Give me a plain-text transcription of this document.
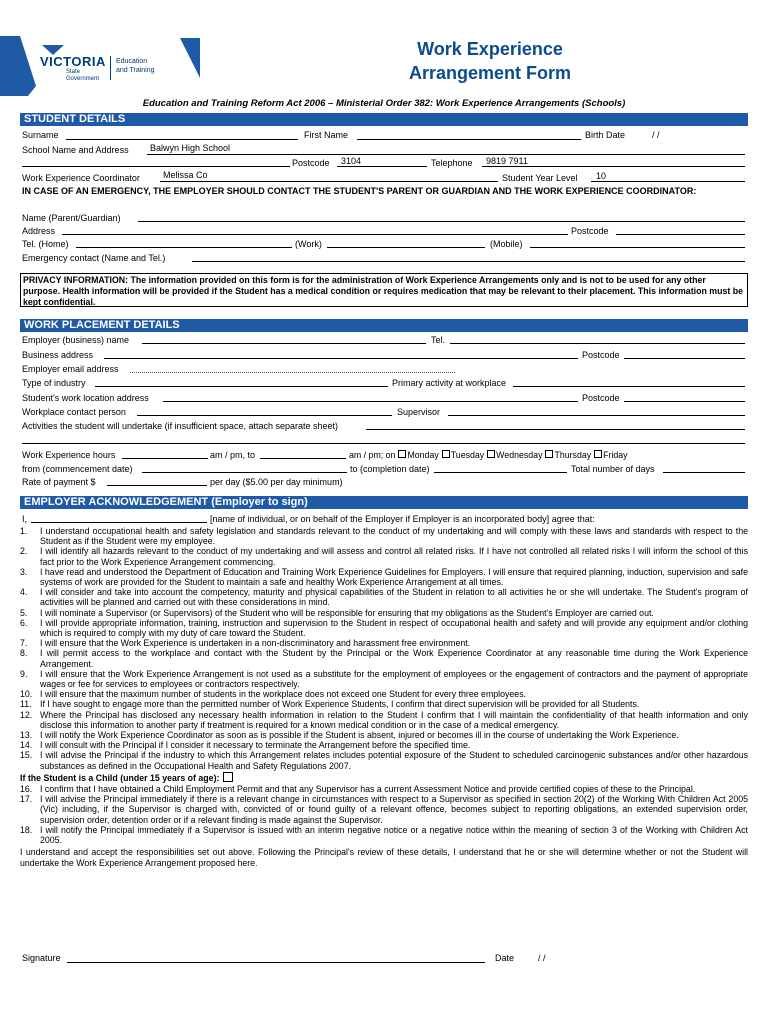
VICTORIA
State
Government
Education
and Training
Work Experience
Arrangement Form
Education and Training Reform Act 2006 – Ministerial Order 382: Work Experience Arrangements (Schools)
STUDENT DETAILS
Surname	First Name	Birth Date	/ /
School Name and Address Balwyn High School
Postcode 3104	Telephone 9819 7911
Work Experience Coordinator	Melissa Co	Student Year Level 10
IN CASE OF AN EMERGENCY, THE EMPLOYER SHOULD CONTACT THE STUDENT'S PARENT OR GUARDIAN AND THE WORK EXPERIENCE COORDINATOR:
Name (Parent/Guardian)
Address	Postcode
Tel. (Home)	(Work)	(Mobile)
Emergency contact (Name and Tel.)
PRIVACY INFORMATION: The information provided on this form is for the administration of Work Experience Arrangements only and is not to be used for any other purpose. Health information will be provided if the Student has a medical condition or requires medication that may be relevant to their placement. This information must be kept confidential.
WORK PLACEMENT DETAILS
Employer (business) name	Tel.
Business address	Postcode
Employer email address
Type of industry	Primary activity at workplace
Student's work location address	Postcode
Workplace contact person	Supervisor
Activities the student will undertake (if insufficient space, attach separate sheet)
Work Experience hours	am / pm, to	am / pm; on Monday Tuesday Wednesday Thursday Friday
from (commencement date)	to (completion date)	Total number of days
Rate of payment $	per day ($5.00 per day minimum)
EMPLOYER ACKNOWLEDGEMENT (Employer to sign)
I,	[name of individual, or on behalf of the Employer if Employer is an incorporated body] agree that:
1. I understand occupational health and safety legislation and standards relevant to the conduct of my undertaking and will comply with these laws and standards with respect to the Student as if the Student were my employee.
2. I will identify all hazards relevant to the conduct of my undertaking and will assess and control all related risks. If I have not controlled all related risks I will inform the school of this fact prior to the Work Experience Arrangement commencing.
3. I have read and understood the Department of Education and Training Work Experience Guidelines for Employers. I will ensure that required planning, induction, supervision and safe systems of work are provided for the Student to maintain a safe and healthy Work Experience Arrangement at all times.
4. I will consider and take into account the competency, maturity and physical capabilities of the Student in relation to all activities he or she will undertake. The Student's program of activities will be planned and carried out with these considerations in mind.
5. I will nominate a Supervisor (or Supervisors) of the Student who will be responsible for ensuring that my obligations as the Student's Employer are carried out.
6. I will provide appropriate information, training, instruction and supervision to the Student in respect of occupational health and safety and will provide any equipment and/or clothing which is required to comply with my duty of care toward the Student.
7. I will ensure that the Work Experience is undertaken in a non-discriminatory and harassment free environment.
8. I will permit access to the workplace and contact with the Student by the Principal or the Work Experience Coordinator at any reasonable time during the Work Experience Arrangement.
9. I will ensure that the Work Experience Arrangement is not used as a substitute for the employment of employees or the engagement of contractors and the payment of appropriate wages or fee for services to employees or contractors respectively.
10. I will ensure that the maximum number of students in the workplace does not exceed one Student for every three employees.
11. If I have sought to engage more than the permitted number of Work Experience Students, I confirm that direct supervision will be provided for all Students.
12. Where the Principal has disclosed any necessary health information in relation to the Student I confirm that I will maintain the confidentiality of that health information and only disclose this information to another party if treatment is required for a known medical condition or in the case of a medical emergency.
13. I will notify the Work Experience Coordinator as soon as is possible if the Student is absent, injured or becomes ill in the course of undertaking the Work Experience.
14. I will consult with the Principal if I consider it necessary to terminate the Arrangement before the specified time.
15. I will advise the Principal if the industry to which this Arrangement relates includes potential exposure of the Student to scheduled carcinogenic substances and/or other hazardous substances as defined in the Occupational Health and Safety Regulations 2007.
If the Student is a Child (under 15 years of age):
16. I confirm that I have obtained a Child Employment Permit and that any Supervisor has a current Assessment Notice and provide certified copies of these to the Principal.
17. I will advise the Principal immediately if there is a relevant change in circumstances with respect to a Supervisor as specified in section 20(2) of the Working With Children Act 2005 (Vic) including, if the Supervisor is charged with, convicted of or found guilty of a relevant offence, becomes subject to reporting obligations, an extended supervision order, supervision order, detention order or if a relevant finding is made against the Supervisor.
18. I will notify the Principal immediately if a Supervisor is issued with an interim negative notice or a negative notice within the meaning of section 3 of the Working with Children Act 2005.
I understand and accept the responsibilities set out above. Following the Principal's review of these details, I understand that he or she will determine whether or not the Student will undertake the Work Experience Arrangement proposed here.
Signature	Date	/ /
